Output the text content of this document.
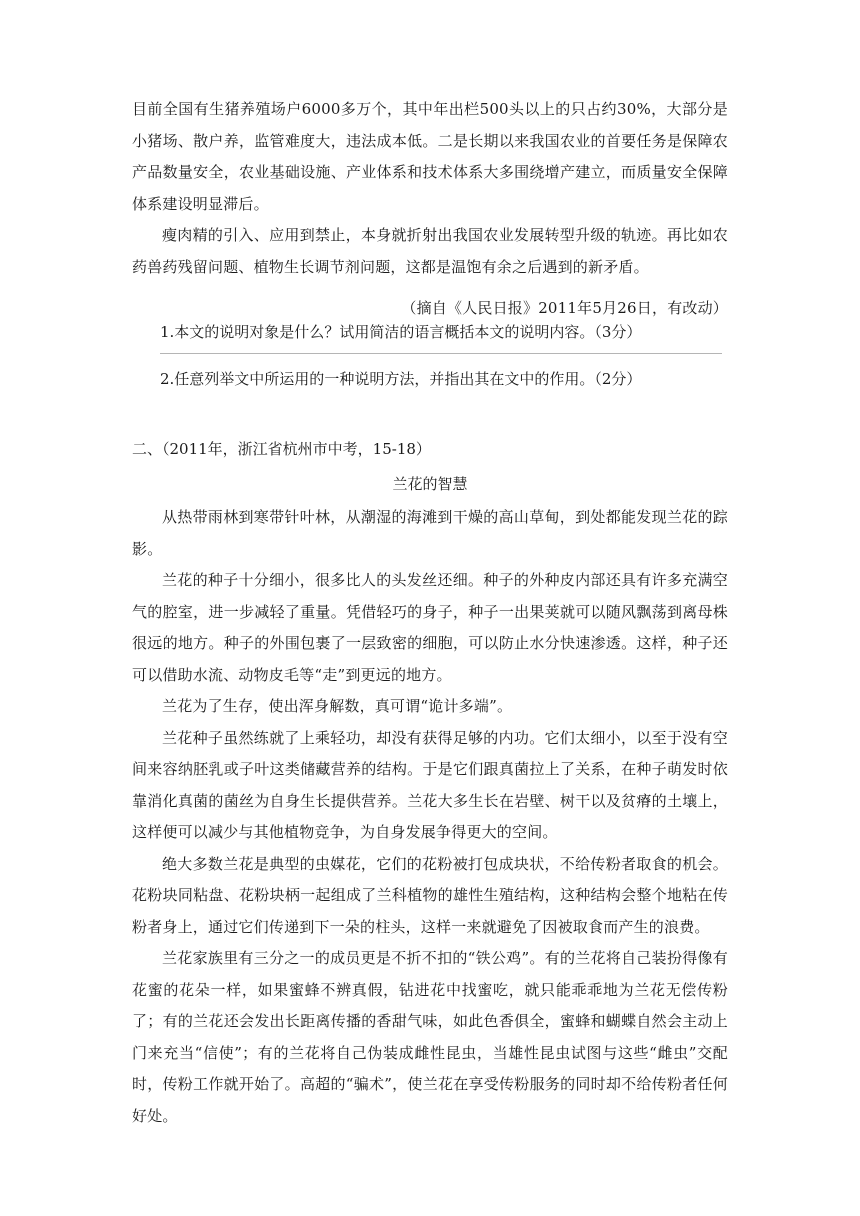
目前全国有生猪养殖场户6000多万个，其中年出栏500头以上的只占约30%，大部分是小猪场、散户养，监管难度大，违法成本低。二是长期以来我国农业的首要任务是保障农产品数量安全，农业基础设施、产业体系和技术体系大多围绕增产建立，而质量安全保障体系建设明显滞后。

瘦肉精的引入、应用到禁止，本身就折射出我国农业发展转型升级的轨迹。再比如农药兽药残留问题、植物生长调节剂问题，这都是温饱有余之后遇到的新矛盾。

（摘自《人民日报》2011年5月26日，有改动）

1.本文的说明对象是什么？试用简洁的语言概括本文的说明内容。（3分）

2.任意列举文中所运用的一种说明方法，并指出其在文中的作用。（2分）

二、（2011年，浙江省杭州市中考，15-18）

兰花的智慧

从热带雨林到寒带针叶林，从潮湿的海滩到干燥的高山草甸，到处都能发现兰花的踪影。

兰花的种子十分细小，很多比人的头发丝还细。种子的外种皮内部还具有许多充满空气的腔室，进一步减轻了重量。凭借轻巧的身子，种子一出果荚就可以随风飘荡到离母株很远的地方。种子的外围包裹了一层致密的细胞，可以防止水分快速渗透。这样，种子还可以借助水流、动物皮毛等“走”到更远的地方。

兰花为了生存，使出浑身解数，真可谓“诡计多端”。

兰花种子虽然练就了上乘轻功，却没有获得足够的内功。它们太细小，以至于没有空间来容纳胚乳或子叶这类储藏营养的结构。于是它们跟真菌拉上了关系，在种子萌发时依靠消化真菌的菌丝为自身生长提供营养。兰花大多生长在岩壁、树干以及贫瘠的土壤上，这样便可以减少与其他植物竞争，为自身发展争得更大的空间。

绝大多数兰花是典型的虫媒花，它们的花粉被打包成块状，不给传粉者取食的机会。花粉块同粘盘、花粉块柄一起组成了兰科植物的雄性生殖结构，这种结构会整个地粘在传粉者身上，通过它们传递到下一朵的柱头，这样一来就避免了因被取食而产生的浪费。

兰花家族里有三分之一的成员更是不折不扣的“铁公鸡”。有的兰花将自己装扮得像有花蜜的花朵一样，如果蜜蜂不辨真假，钻进花中找蜜吃，就只能乖乖地为兰花无偿传粉了；有的兰花还会发出长距离传播的香甜气味，如此色香俱全，蜜蜂和蝴蝶自然会主动上门来充当“信使”；有的兰花将自己伪装成雌性昆虫，当雄性昆虫试图与这些“雌虫”交配时，传粉工作就开始了。高超的“骗术”，使兰花在享受传粉服务的同时却不给传粉者任何好处。
